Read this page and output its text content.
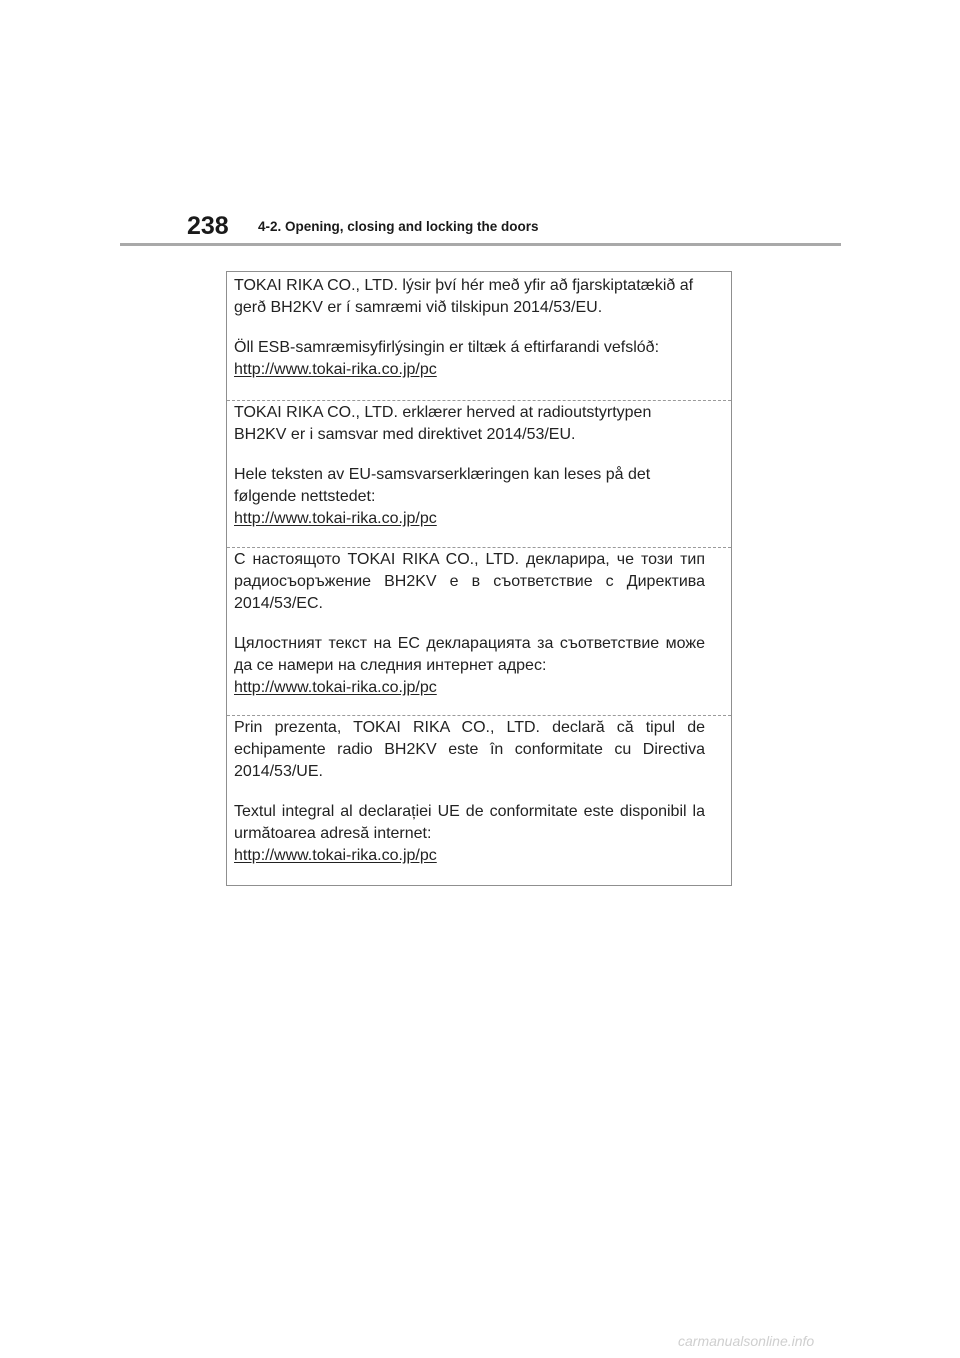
238 4-2. Opening, closing and locking the doors

TOKAI RIKA CO., LTD. lýsir því hér með yfir að fjarskiptatækið af gerð BH2KV er í samræmi við tilskipun 2014/53/EU.

Öll ESB-samræmisyfirlýsingin er tiltæk á eftirfarandi vefslóð:

http://www.tokai-rika.co.jp/pc

TOKAI RIKA CO., LTD. erklærer herved at radioutstyrtypen BH2KV er i samsvar med direktivet 2014/53/EU.

Hele teksten av EU-samsvarserklæringen kan leses på det følgende nettstedet:

http://www.tokai-rika.co.jp/pc

С настоящото TOKAI RIKA CO., LTD. декларира, че този тип радиосъоръжение BH2KV е в съответствие с Директива 2014/53/ЕС.

Цялостният текст на ЕС декларацията за съответствие може да се намери на следния интернет адрес:

http://www.tokai-rika.co.jp/pc

Prin prezenta, TOKAI RIKA CO., LTD. declară că tipul de echipamente radio BH2KV este în conformitate cu Directiva 2014/53/UE.

Textul integral al declarației UE de conformitate este disponibil la următoarea adresă internet:

http://www.tokai-rika.co.jp/pc
carmanualsonline.info
